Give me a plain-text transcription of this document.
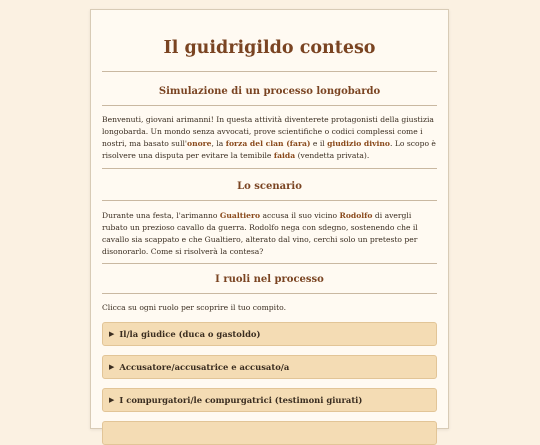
Il guidrigildo conteso
Simulazione di un processo longobardo

Benvenuti, giovani arimanni! In questa attività diventerete protagonisti della giustizia longobarda. Un mondo senza avvocati, prove scientifiche o codici complessi come i nostri, ma basato sull'onore, la forza del clan (fara) e il giudizio divino. Lo scopo è risolvere una disputa per evitare la temibile faida (vendetta privata).

Lo scenario

Durante una festa, l'arimanno Gualtiero accusa il suo vicino Rodolfo di avergli rubato un prezioso cavallo da guerra. Rodolfo nega con sdegno, sostenendo che il cavallo sia scappato e che Gualtiero, alterato dal vino, cerchi solo un pretesto per disonorarlo. Come si risolverà la contesa?

I ruoli nel processo

Clicca su ogni ruolo per scoprire il tuo compito.

▶ Il/la giudice (duca o gastoldo)
▶ Accusatore/accusatrice e accusato/a
▶ I compurgatori/le compurgatrici (testimoni giurati)
